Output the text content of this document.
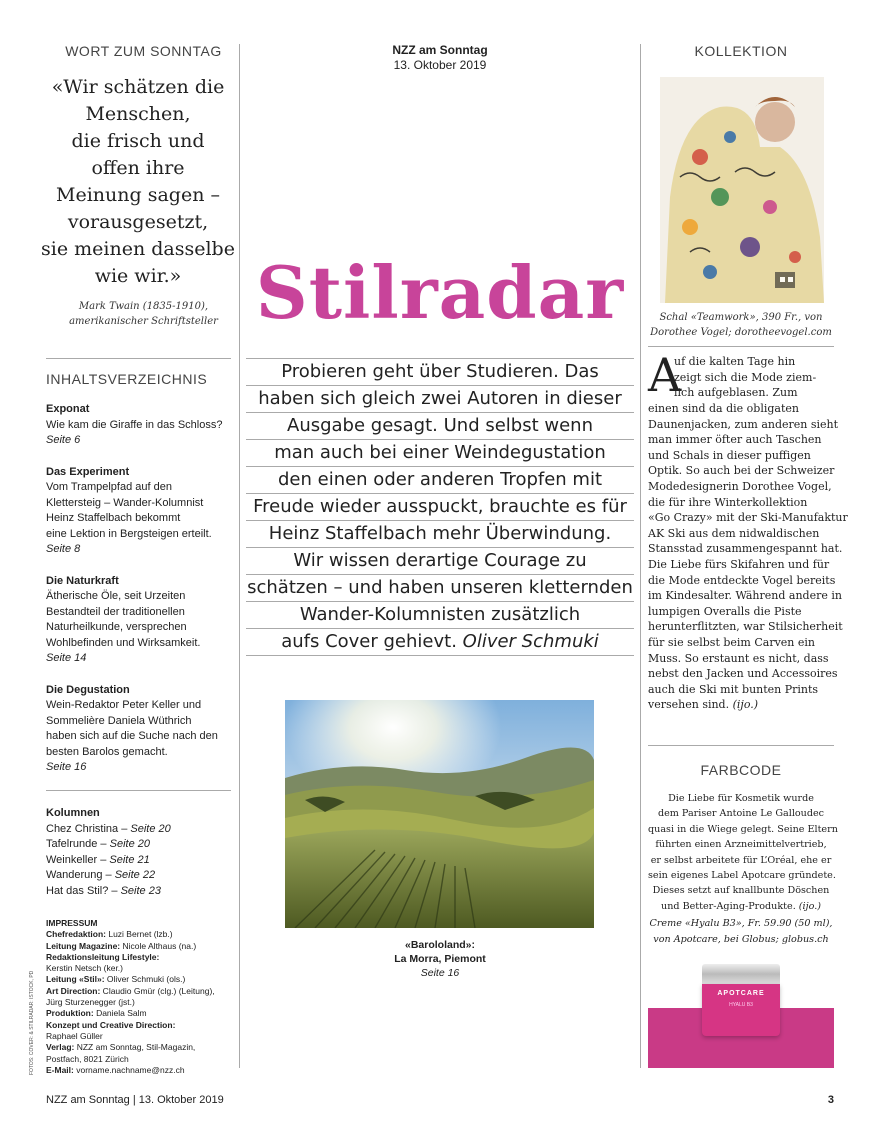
WORT ZUM SONNTAG
«Wir schätzen die
Menschen,
die frisch und
offen ihre
Meinung sagen –
vorausgesetzt,
sie meinen dasselbe
wie wir.»
Mark Twain (1835-1910),
amerikanischer Schriftsteller
INHALTSVERZEICHNIS
Exponat
Wie kam die Giraffe in das Schloss?
Seite 6
Das Experiment
Vom Trampelpfad auf den
Klettersteig – Wander-Kolumnist
Heinz Staffelbach bekommt
eine Lektion in Bergsteigen erteilt.
Seite 8
Die Naturkraft
Ätherische Öle, seit Urzeiten
Bestandteil der traditionellen
Naturheilkunde, versprechen
Wohlbefinden und Wirksamkeit.
Seite 14
Die Degustation
Wein-Redaktor Peter Keller und
Sommelière Daniela Wüthrich
haben sich auf die Suche nach den
besten Barolos gemacht.
Seite 16
Kolumnen
Chez Christina – Seite 20
Tafelrunde – Seite 20
Weinkeller – Seite 21
Wanderung – Seite 22
Hat das Stil? – Seite 23
IMPRESSUM
Chefredaktion: Luzi Bernet (lzb.)
Leitung Magazine: Nicole Althaus (na.)
Redaktionsleitung Lifestyle:
Kerstin Netsch (ker.)
Leitung «Stil»: Oliver Schmuki (ols.)
Art Direction: Claudio Gmür (clg.) (Leitung),
Jürg Sturzenegger (jst.)
Produktion: Daniela Salm
Konzept und Creative Direction:
Raphael Güller
Verlag: NZZ am Sonntag, Stil-Magazin,
Postfach, 8021 Zürich
E-Mail: vorname.nachname@nzz.ch
FOTOS: COVER: & STILRADAR: ISTOCK, PD
NZZ am Sonntag
13. Oktober 2019
Stilradar
Probieren geht über Studieren. Das
haben sich gleich zwei Autoren in dieser
Ausgabe gesagt. Und selbst wenn
man auch bei einer Weindegustation
den einen oder anderen Tropfen mit
Freude wieder ausspuckt, brauchte es für
Heinz Staffelbach mehr Überwindung.
Wir wissen derartige Courage zu
schätzen – und haben unseren kletternden
Wander-Kolumnisten zusätzlich
aufs Cover gehievt. Oliver Schmuki
«Barololand»:
La Morra, Piemont
Seite 16
KOLLEKTION
Schal «Teamwork», 390 Fr., von
Dorothee Vogel; dorotheevogel.com
A
uf die kalten Tage hin
zeigt sich die Mode ziem-
lich aufgeblasen. Zum
einen sind da die obligaten
Daunenjacken, zum anderen sieht
man immer öfter auch Taschen
und Schals in dieser puffigen
Optik. So auch bei der Schweizer
Modedesignerin Dorothee Vogel,
die für ihre Winterkollektion
«Go Crazy» mit der Ski-Manufaktur
AK Ski aus dem nidwaldischen
Stansstad zusammengespannt hat.
Die Liebe fürs Skifahren und für
die Mode entdeckte Vogel bereits
im Kindesalter. Während andere in
lumpigen Overalls die Piste
herunterflitzten, war Stilsicherheit
für sie selbst beim Carven ein
Muss. So erstaunt es nicht, dass
nebst den Jacken und Accessoires
auch die Ski mit bunten Prints
versehen sind. (ijo.)
FARBCODE
Die Liebe für Kosmetik wurde
dem Pariser Antoine Le Galloudec
quasi in die Wiege gelegt. Seine Eltern
führten einen Arzneimittelvertrieb,
er selbst arbeitete für L’Oréal, ehe er
sein eigenes Label Apotcare gründete.
Dieses setzt auf knallbunte Döschen
und Better-Aging-Produkte. (ijo.)
Creme «Hyalu B3», Fr. 59.90 (50 ml),
von Apotcare, bei Globus; globus.ch
APOTCARE
HYALU B3
NZZ am Sonntag | 13. Oktober 2019	3
